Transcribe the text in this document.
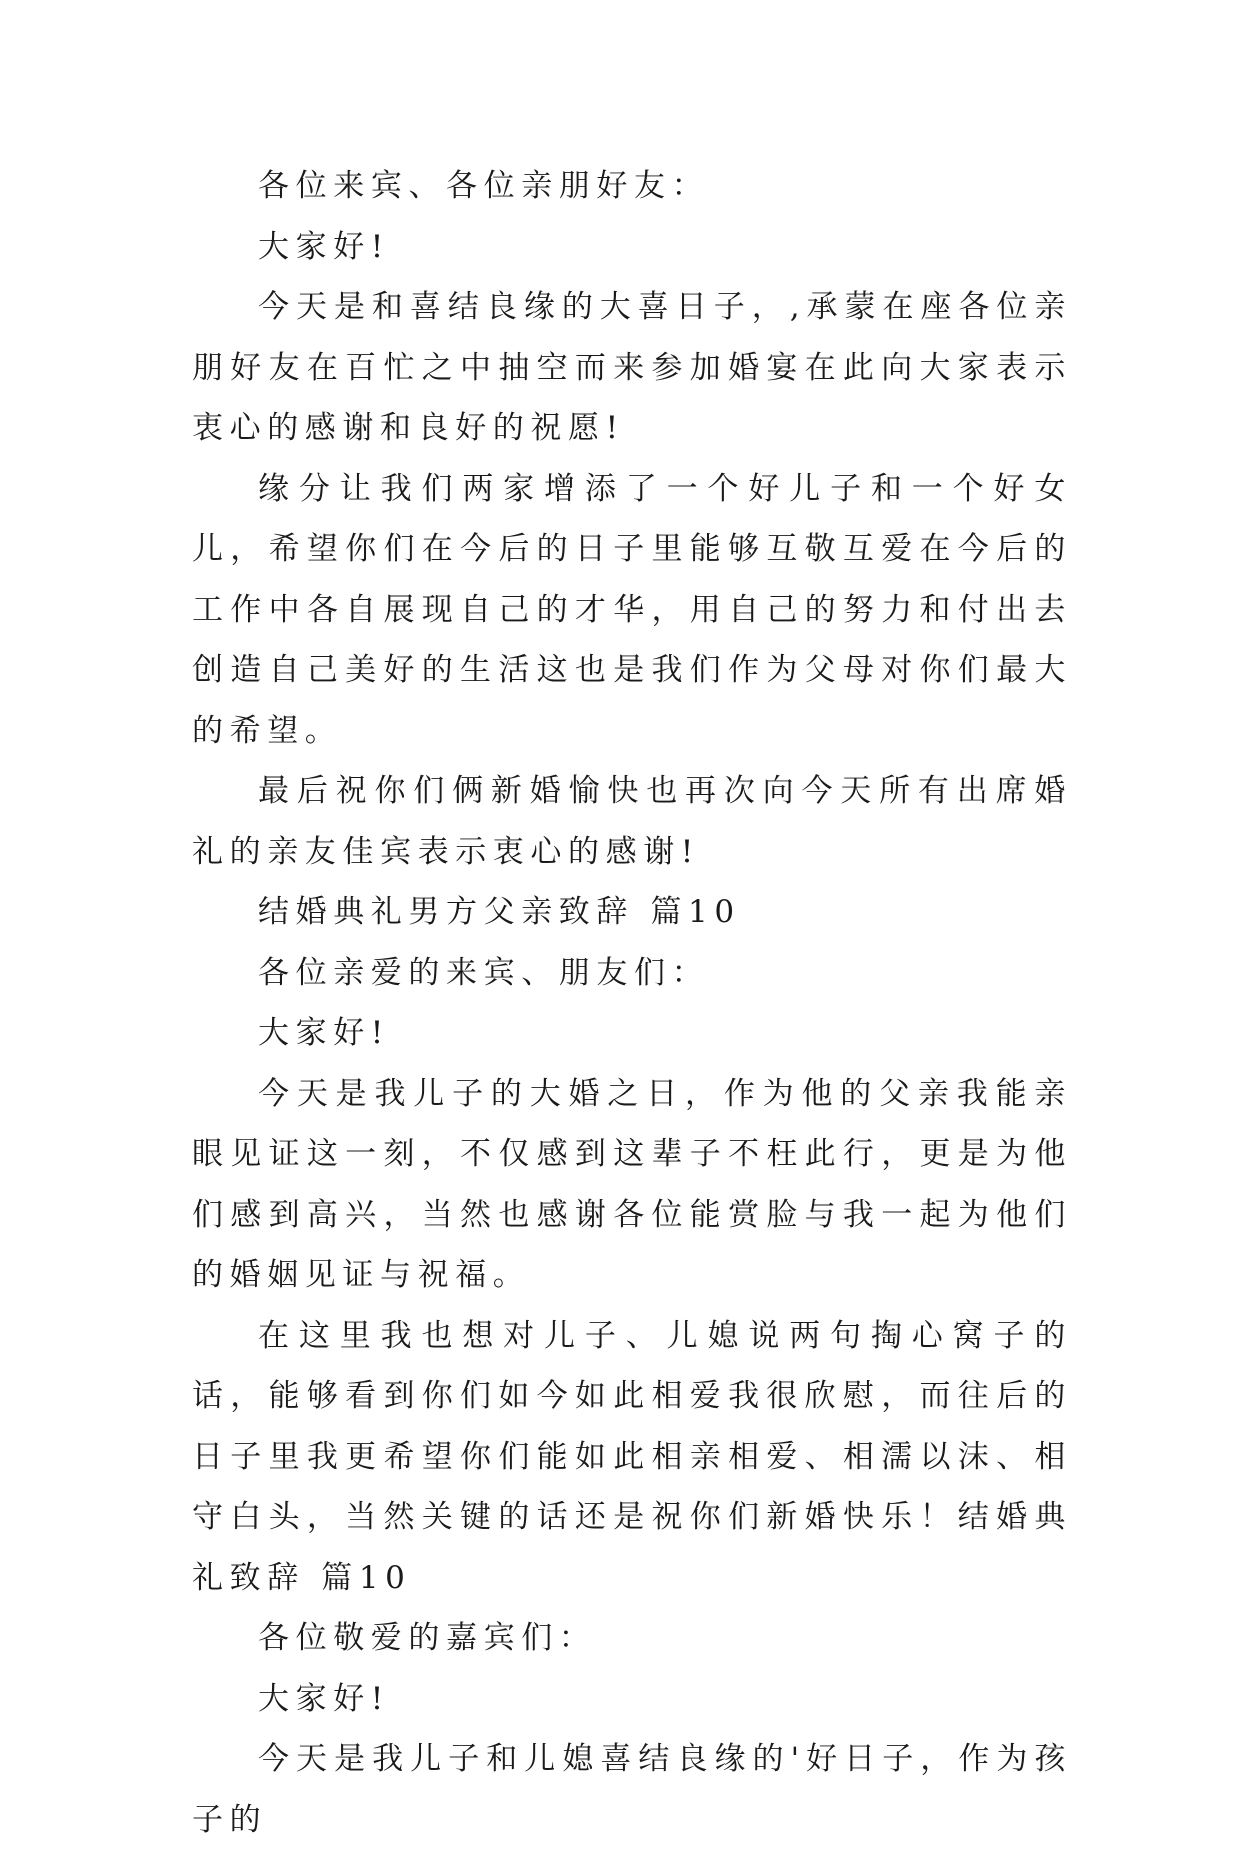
各位来宾、各位亲朋好友：

大家好!

今天是和喜结良缘的大喜日子，,承蒙在座各位亲朋好友在百忙之中抽空而来参加婚宴在此向大家表示衷心的感谢和良好的祝愿!

缘分让我们两家增添了一个好儿子和一个好女儿，希望你们在今后的日子里能够互敬互爱在今后的工作中各自展现自己的才华，用自己的努力和付出去创造自己美好的生活这也是我们作为父母对你们最大的希望。

最后祝你们俩新婚愉快也再次向今天所有出席婚礼的亲友佳宾表示衷心的感谢!

结婚典礼男方父亲致辞 篇10

各位亲爱的来宾、朋友们：

大家好!

今天是我儿子的大婚之日，作为他的父亲我能亲眼见证这一刻，不仅感到这辈子不枉此行，更是为他们感到高兴，当然也感谢各位能赏脸与我一起为他们的婚姻见证与祝福。

在这里我也想对儿子、儿媳说两句掏心窝子的话，能够看到你们如今如此相爱我很欣慰，而往后的日子里我更希望你们能如此相亲相爱、相濡以沫、相守白头，当然关键的话还是祝你们新婚快乐！结婚典礼致辞 篇10

各位敬爱的嘉宾们：

大家好!

今天是我儿子和儿媳喜结良缘的'好日子，作为孩子的
